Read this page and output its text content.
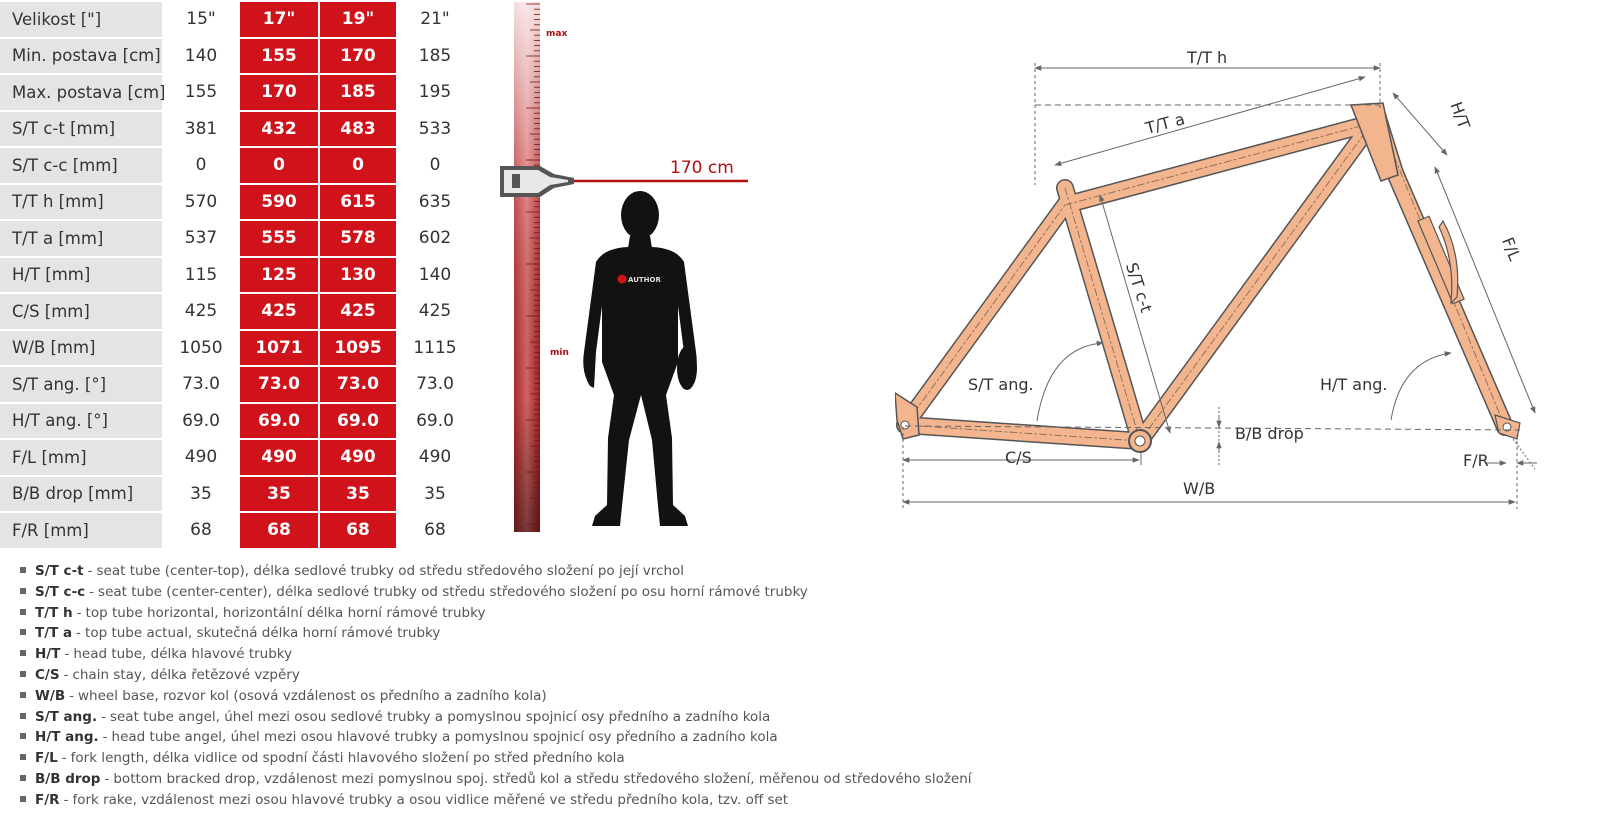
Velikost ["]	15"	17"	19"	21"
Min. postava [cm]	140	155	170	185
Max. postava [cm]	155	170	185	195
S/T c-t [mm]	381	432	483	533
S/T c-c [mm]	0	0	0	0
T/T h [mm]	570	590	615	635
T/T a [mm]	537	555	578	602
H/T [mm]	115	125	130	140
C/S [mm]	425	425	425	425
W/B [mm]	1050	1071	1095	1115
S/T ang. [°]	73.0	73.0	73.0	73.0
H/T ang. [°]	69.0	69.0	69.0	69.0
F/L [mm]	490	490	490	490
B/B drop [mm]	35	35	35	35
F/R [mm]	68	68	68	68
max
min
170 cm
AUTHOR
T/T h
T/T a	H/T
F/L
S/T c-t
S/T ang.	H/T ang.
B/B drop
C/S
W/B
F/R
S/T c-t - seat tube (center-top), délka sedlové trubky od středu středového složení po její vrchol
S/T c-c - seat tube (center-center), délka sedlové trubky od středu středového složení po osu horní rámové trubky
T/T h - top tube horizontal, horizontální délka horní rámové trubky
T/T a - top tube actual, skutečná délka horní rámové trubky
H/T - head tube, délka hlavové trubky
C/S - chain stay, délka řetězové vzpěry
W/B - wheel base, rozvor kol (osová vzdálenost os předního a zadního kola)
S/T ang. - seat tube angel, úhel mezi osou sedlové trubky a pomyslnou spojnicí osy předního a zadního kola
H/T ang. - head tube angel, úhel mezi osou hlavové trubky a pomyslnou spojnicí osy předního a zadního kola
F/L - fork length, délka vidlice od spodní části hlavového složení po střed předního kola
B/B drop - bottom bracked drop, vzdálenost mezi pomyslnou spoj. středů kol a středu středového složení, měřenou od středového složení
F/R - fork rake, vzdálenost mezi osou hlavové trubky a osou vidlice měřené ve středu předního kola, tzv. off set
